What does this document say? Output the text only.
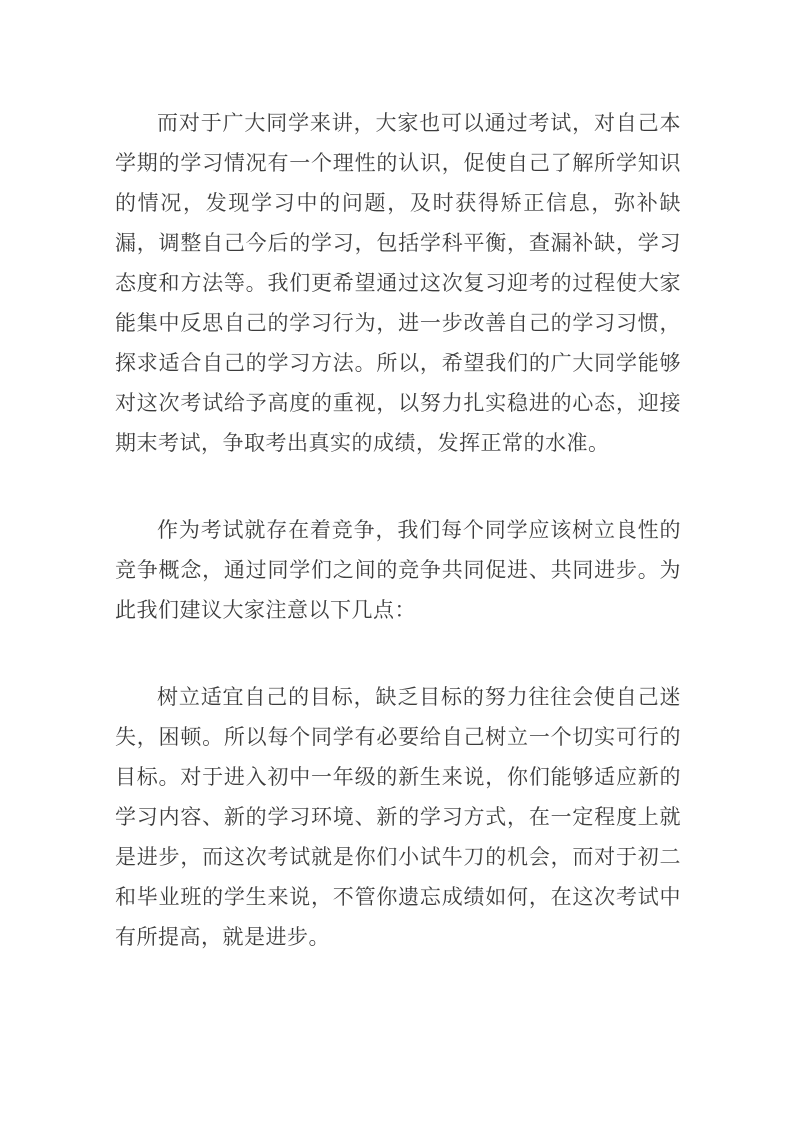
而对于广大同学来讲，大家也可以通过考试，对自己本学期的学习情况有一个理性的认识，促使自己了解所学知识的情况，发现学习中的问题，及时获得矫正信息，弥补缺漏，调整自己今后的学习，包括学科平衡，查漏补缺，学习态度和方法等。我们更希望通过这次复习迎考的过程使大家能集中反思自己的学习行为，进一步改善自己的学习习惯，探求适合自己的学习方法。所以，希望我们的广大同学能够对这次考试给予高度的重视，以努力扎实稳进的心态，迎接期末考试，争取考出真实的成绩，发挥正常的水准。

作为考试就存在着竞争，我们每个同学应该树立良性的竞争概念，通过同学们之间的竞争共同促进、共同进步。为此我们建议大家注意以下几点：

树立适宜自己的目标，缺乏目标的努力往往会使自己迷失，困顿。所以每个同学有必要给自己树立一个切实可行的目标。对于进入初中一年级的新生来说，你们能够适应新的学习内容、新的学习环境、新的学习方式，在一定程度上就是进步，而这次考试就是你们小试牛刀的机会，而对于初二和毕业班的学生来说，不管你遗忘成绩如何，在这次考试中有所提高，就是进步。
